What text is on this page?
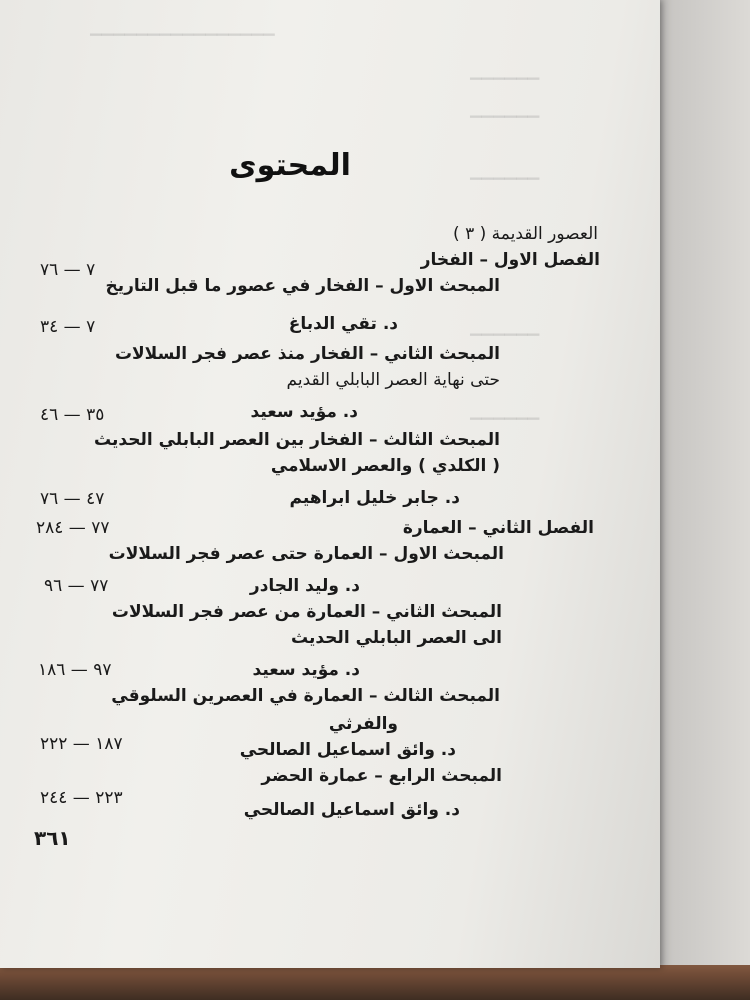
▁▁▁▁▁▁▁▁▁▁▁▁▁▁▁▁
▁▁▁▁▁▁
▁▁▁▁▁▁
▁▁▁▁▁▁
▁▁▁▁▁▁
▁▁▁▁▁▁
المحتوى
العصور القديمة ( ٣ )
الفصل الاول – الفخار
المبحث الاول – الفخار في عصور ما قبل التاريخ
٧ — ٧٦
د. تقي الدباغ
٧ — ٣٤
المبحث الثاني – الفخار منذ عصر فجر السلالات
حتى نهاية العصر البابلي القديم
د. مؤيد سعيد
٣٥ — ٤٦
المبحث الثالث – الفخار بين العصر البابلي الحديث
( الكلدي ) والعصر الاسلامي
د. جابر خليل ابراهيم
٤٧ — ٧٦
الفصل الثاني – العمارة
٧٧ — ٢٨٤
المبحث الاول – العمارة حتى عصر فجر السلالات
د. وليد الجادر
٧٧ — ٩٦
المبحث الثاني – العمارة من عصر فجر السلالات
الى العصر البابلي الحديث
د. مؤيد سعيد
٩٧ — ١٨٦
المبحث الثالث – العمارة في العصرين السلوقي
والفرثي
د. وائق اسماعيل الصالحي
١٨٧ — ٢٢٢
المبحث الرابع – عمارة الحضر
د. وائق اسماعيل الصالحي
٢٢٣ — ٢٤٤
٣٦١
